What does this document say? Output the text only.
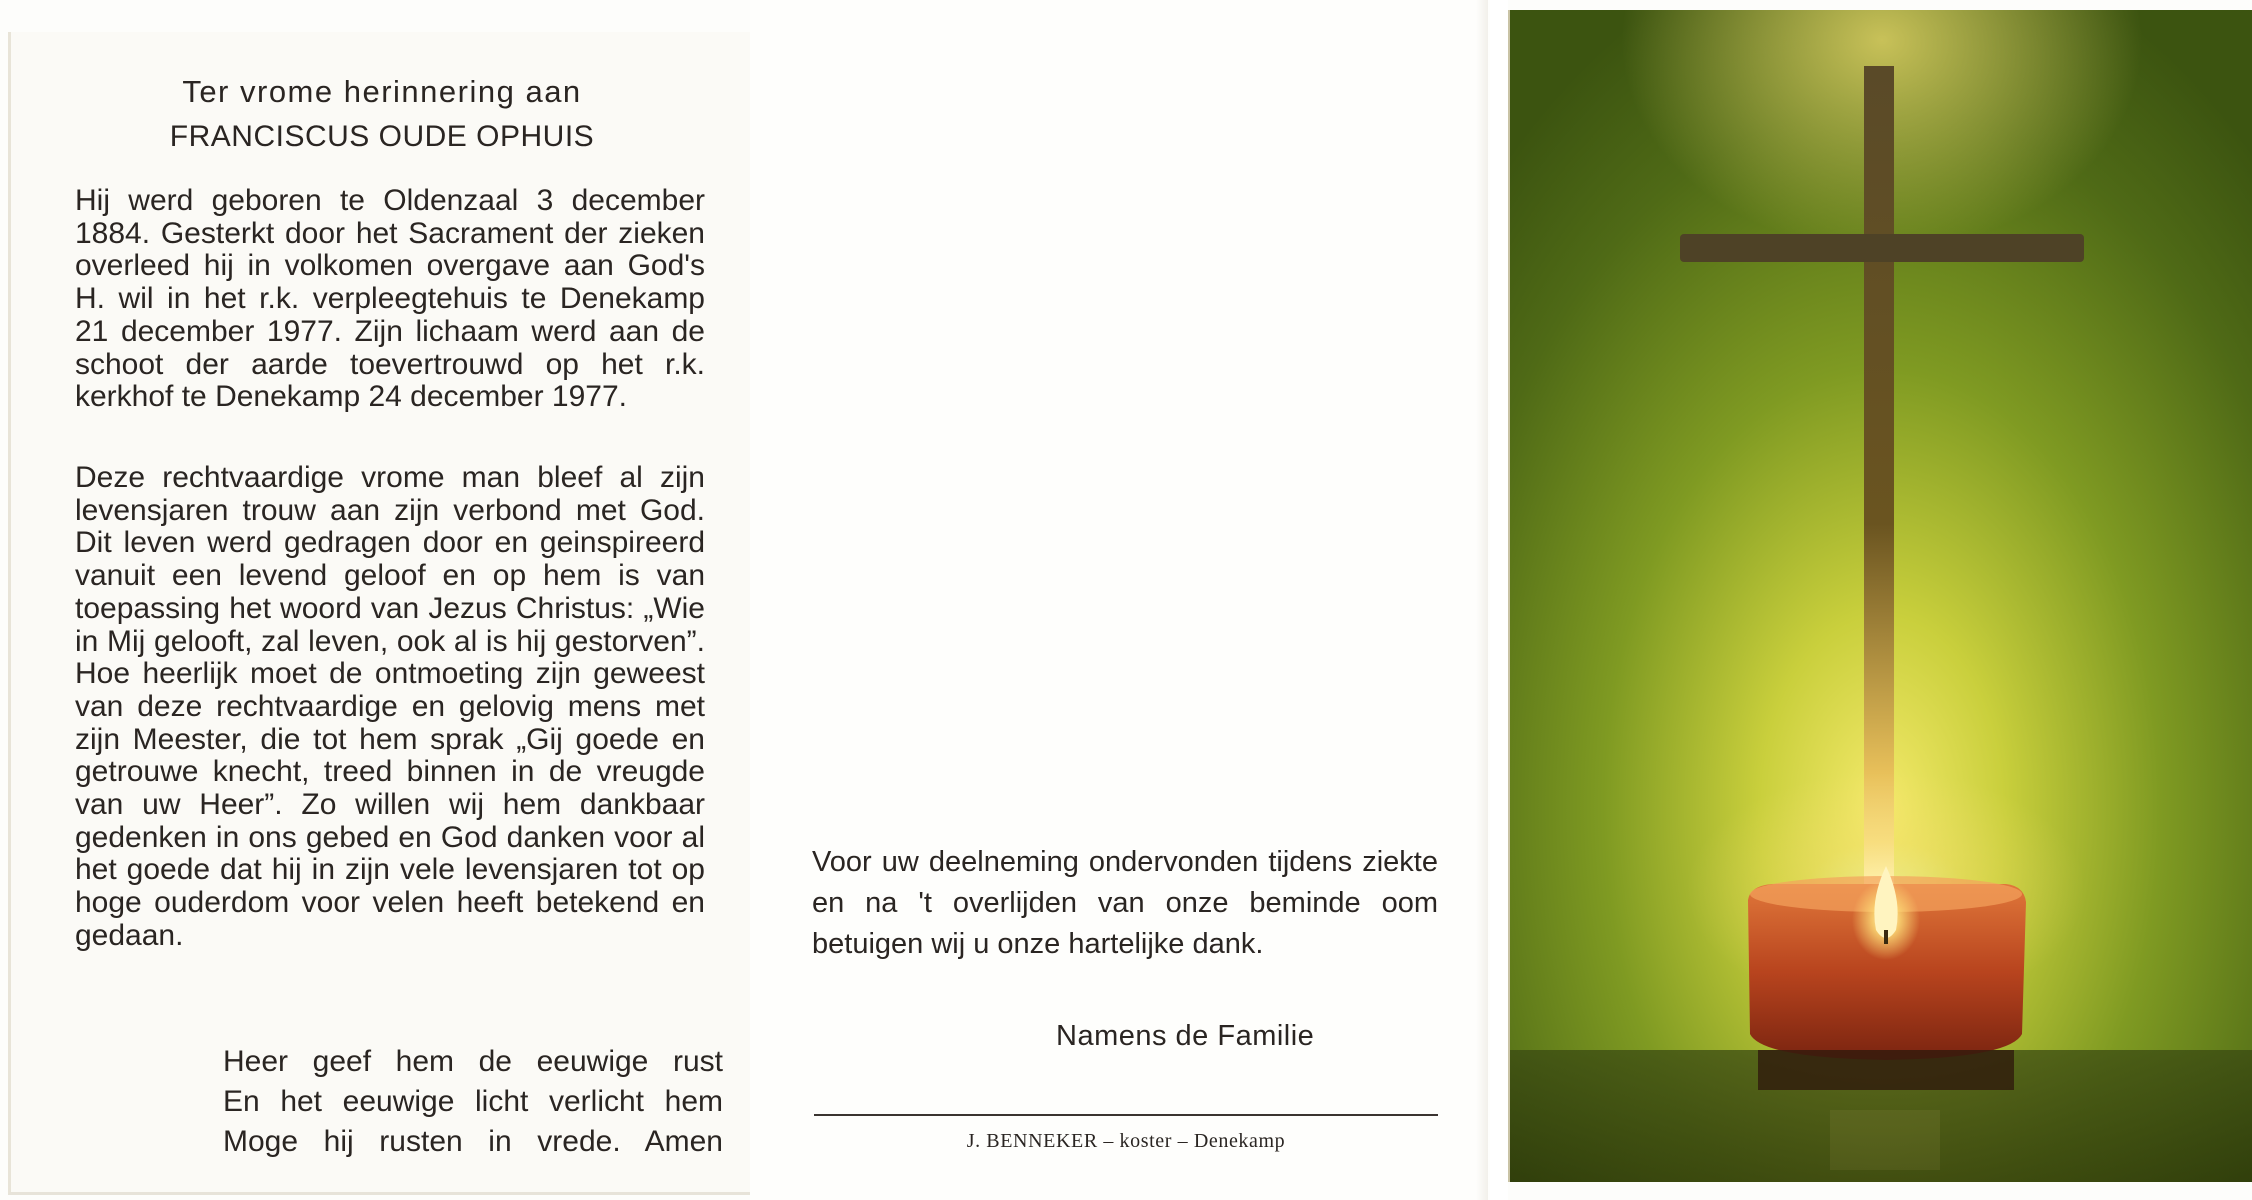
Ter vrome herinnering aan
FRANCISCUS OUDE OPHUIS

Hij werd geboren te Oldenzaal 3 december 1884. Gesterkt door het Sacrament der zieken overleed hij in volkomen overgave aan God's H. wil in het r.k. verpleegtehuis te Denekamp 21 december 1977. Zijn lichaam werd aan de schoot der aarde toevertrouwd op het r.k. kerkhof te Denekamp 24 december 1977.

Deze rechtvaardige vrome man bleef al zijn levensjaren trouw aan zijn verbond met God. Dit leven werd gedragen door en geinspireerd vanuit een levend geloof en op hem is van toepassing het woord van Jezus Christus: „Wie in Mij gelooft, zal leven, ook al is hij gestorven”. Hoe heerlijk moet de ontmoeting zijn geweest van deze rechtvaardige en gelovig mens met zijn Meester, die tot hem sprak „Gij goede en getrouwe knecht, treed binnen in de vreugde van uw Heer”. Zo willen wij hem dankbaar gedenken in ons gebed en God danken voor al het goede dat hij in zijn vele levensjaren tot op hoge ouderdom voor velen heeft betekend en gedaan.

Heer geef hem de eeuwige rust
En het eeuwige licht verlicht hem
Moge hij rusten in vrede. Amen

Voor uw deelneming ondervonden tijdens ziekte en na 't overlijden van onze beminde oom betuigen wij u onze hartelijke dank.

Namens de Familie
J. BENNEKER – koster – Denekamp
